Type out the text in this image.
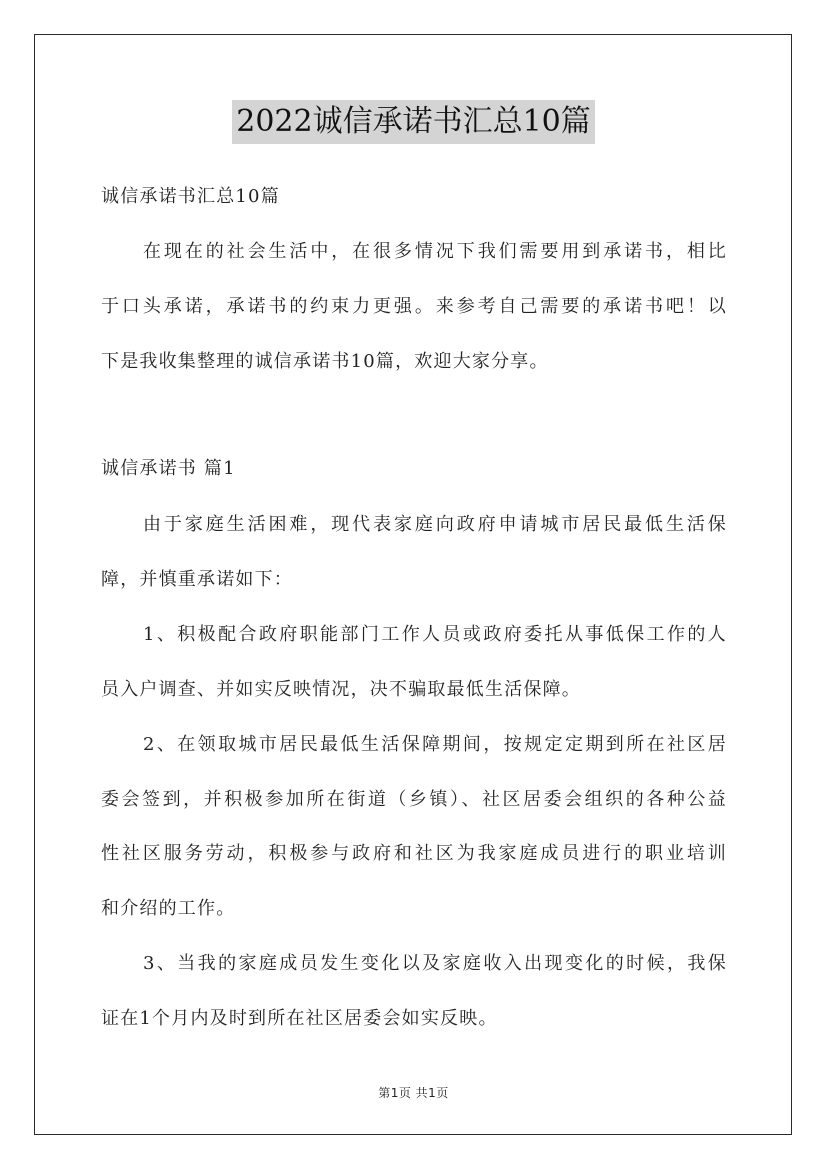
2022诚信承诺书汇总10篇
诚信承诺书汇总10篇
在现在的社会生活中，在很多情况下我们需要用到承诺书，相比
于口头承诺，承诺书的约束力更强。来参考自己需要的承诺书吧！以
下是我收集整理的诚信承诺书10篇，欢迎大家分享。
诚信承诺书 篇1
由于家庭生活困难，现代表家庭向政府申请城市居民最低生活保
障，并慎重承诺如下：
1、积极配合政府职能部门工作人员或政府委托从事低保工作的人
员入户调查、并如实反映情况，决不骗取最低生活保障。
2、在领取城市居民最低生活保障期间，按规定定期到所在社区居
委会签到，并积极参加所在街道（乡镇）、社区居委会组织的各种公益
性社区服务劳动，积极参与政府和社区为我家庭成员进行的职业培训
和介绍的工作。
3、当我的家庭成员发生变化以及家庭收入出现变化的时候，我保
证在1个月内及时到所在社区居委会如实反映。
第1页 共1页
